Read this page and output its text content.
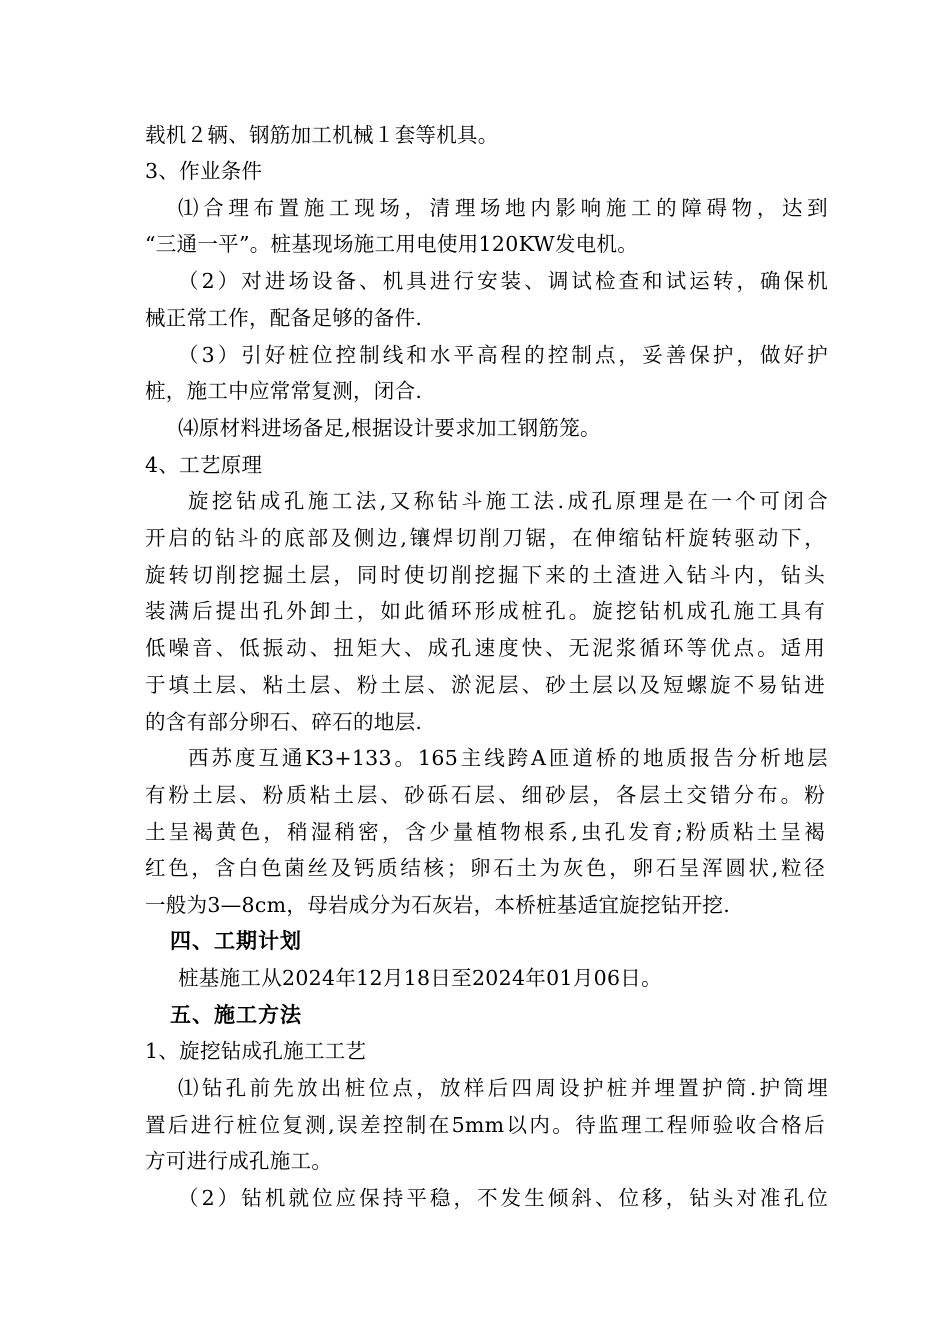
载机２辆、钢筋加工机械１套等机具。
3、作业条件
⑴合理布置施工现场，清理场地内影响施工的障碍物，达到
“三通一平”。桩基现场施工用电使用120KW发电机。
（2）对进场设备、机具进行安装、调试检查和试运转，确保机
械正常工作，配备足够的备件.
（3）引好桩位控制线和水平高程的控制点，妥善保护，做好护
桩，施工中应常常复测，闭合.
⑷原材料进场备足,根据设计要求加工钢筋笼。
4、工艺原理
旋挖钻成孔施工法,又称钻斗施工法.成孔原理是在一个可闭合
开启的钻斗的底部及侧边,镶焊切削刀锯，在伸缩钻杆旋转驱动下，
旋转切削挖掘土层，同时使切削挖掘下来的土渣进入钻斗内，钻头
装满后提出孔外卸土，如此循环形成桩孔。旋挖钻机成孔施工具有
低噪音、低振动、扭矩大、成孔速度快、无泥浆循环等优点。适用
于填土层、粘土层、粉土层、淤泥层、砂土层以及短螺旋不易钻进
的含有部分卵石、碎石的地层.
西苏度互通K3+133。165主线跨A匝道桥的地质报告分析地层
有粉土层、粉质粘土层、砂砾石层、细砂层，各层土交错分布。粉
土呈褐黄色，稍湿稍密，含少量植物根系,虫孔发育;粉质粘土呈褐
红色，含白色菌丝及钙质结核；卵石土为灰色，卵石呈浑圆状,粒径
一般为3—8cm，母岩成分为石灰岩，本桥桩基适宜旋挖钻开挖.
四、工期计划
桩基施工从2024年12月18日至2024年01月06日。
五、施工方法
1、旋挖钻成孔施工工艺
⑴钻孔前先放出桩位点，放样后四周设护桩并埋置护筒.护筒埋
置后进行桩位复测,误差控制在5mm以内。待监理工程师验收合格后
方可进行成孔施工。
（2）钻机就位应保持平稳，不发生倾斜、位移，钻头对准孔位
